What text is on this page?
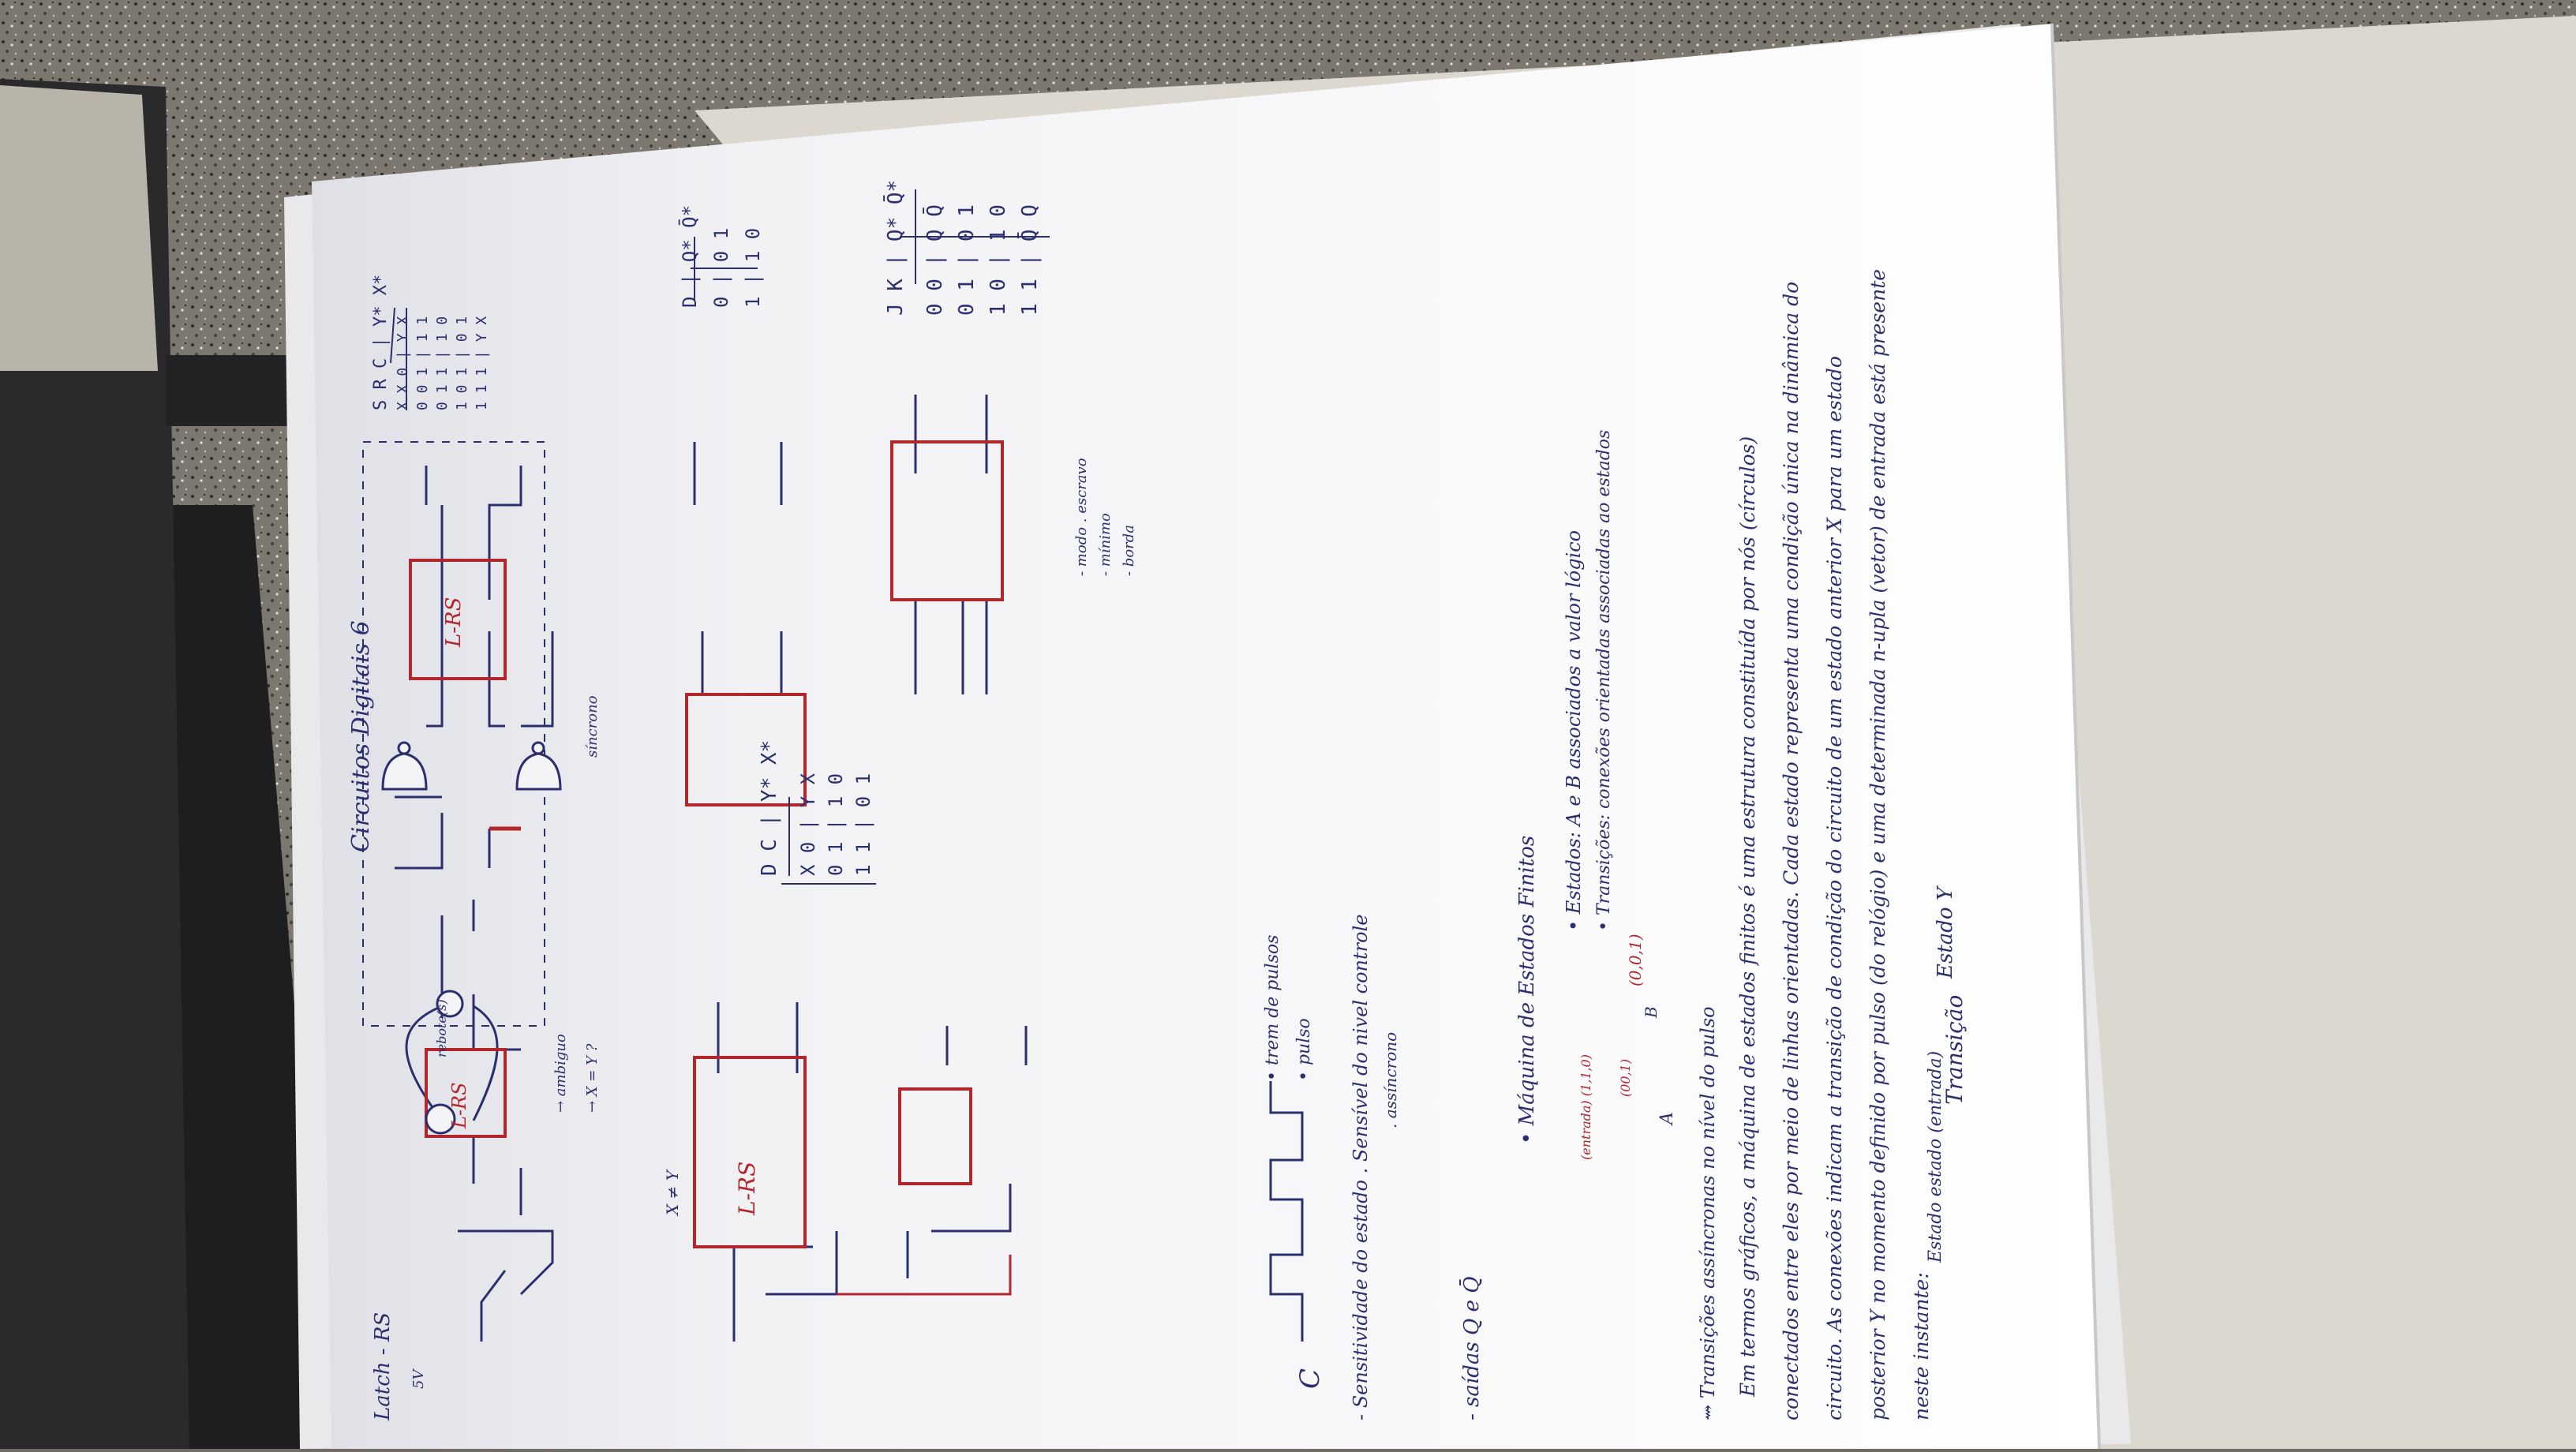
Circuitos Digitais 6
Latch - RS 5V
rebote(s)
→ ambiguo → X = Y ?
L-RS
L-RS
X ≠ Y
D C | Y* X* X 0 | Y X 0 1 | 1 0 1 1 | 0 1
C
• trem de pulsos • pulso - Sensitividade do estado . Sensível do nivel controle . assíncrono
- saídas Q e Q̄
• Máquina de Estados Finitos
• Estados: A e B associados a valor lógico • Transições: conexões orientadas associadas ao estados
A
B
(entrada) (1,1,0) (00,1)
(0,0,1)
L-RS
síncrono
S R C | Y* X* X X 0 | Y X 0 0 1 | 1 1 0 1 1 | 1 0 1 0 1 | 0 1 1 1 1 | Y X
D | Q* Q̄* 0 | 0 1 1 | 1 0	J K | Q* Q̄* 0 0 | Q Q̄ 0 1 | 0 1 1 0 | 1 0 1 1 | Q̄ Q
- modo . escravo - mínimo - borda
⇝ Transições assíncronas no nível do pulso Em termos gráficos, a máquina de estados finitos é uma estrutura constituída por nós (círculos) conectados entre eles por meio de linhas orientadas. Cada estado representa uma condição única na dinâmica do circuito. As conexões indicam a transição de condição do circuito de um estado anterior X para um estado posterior Y no momento definido por pulso (do relógio) e uma determinada n-upla (vetor) de entrada está presente neste instante:
Estado estado (entrada)
Transição
Estado Y
